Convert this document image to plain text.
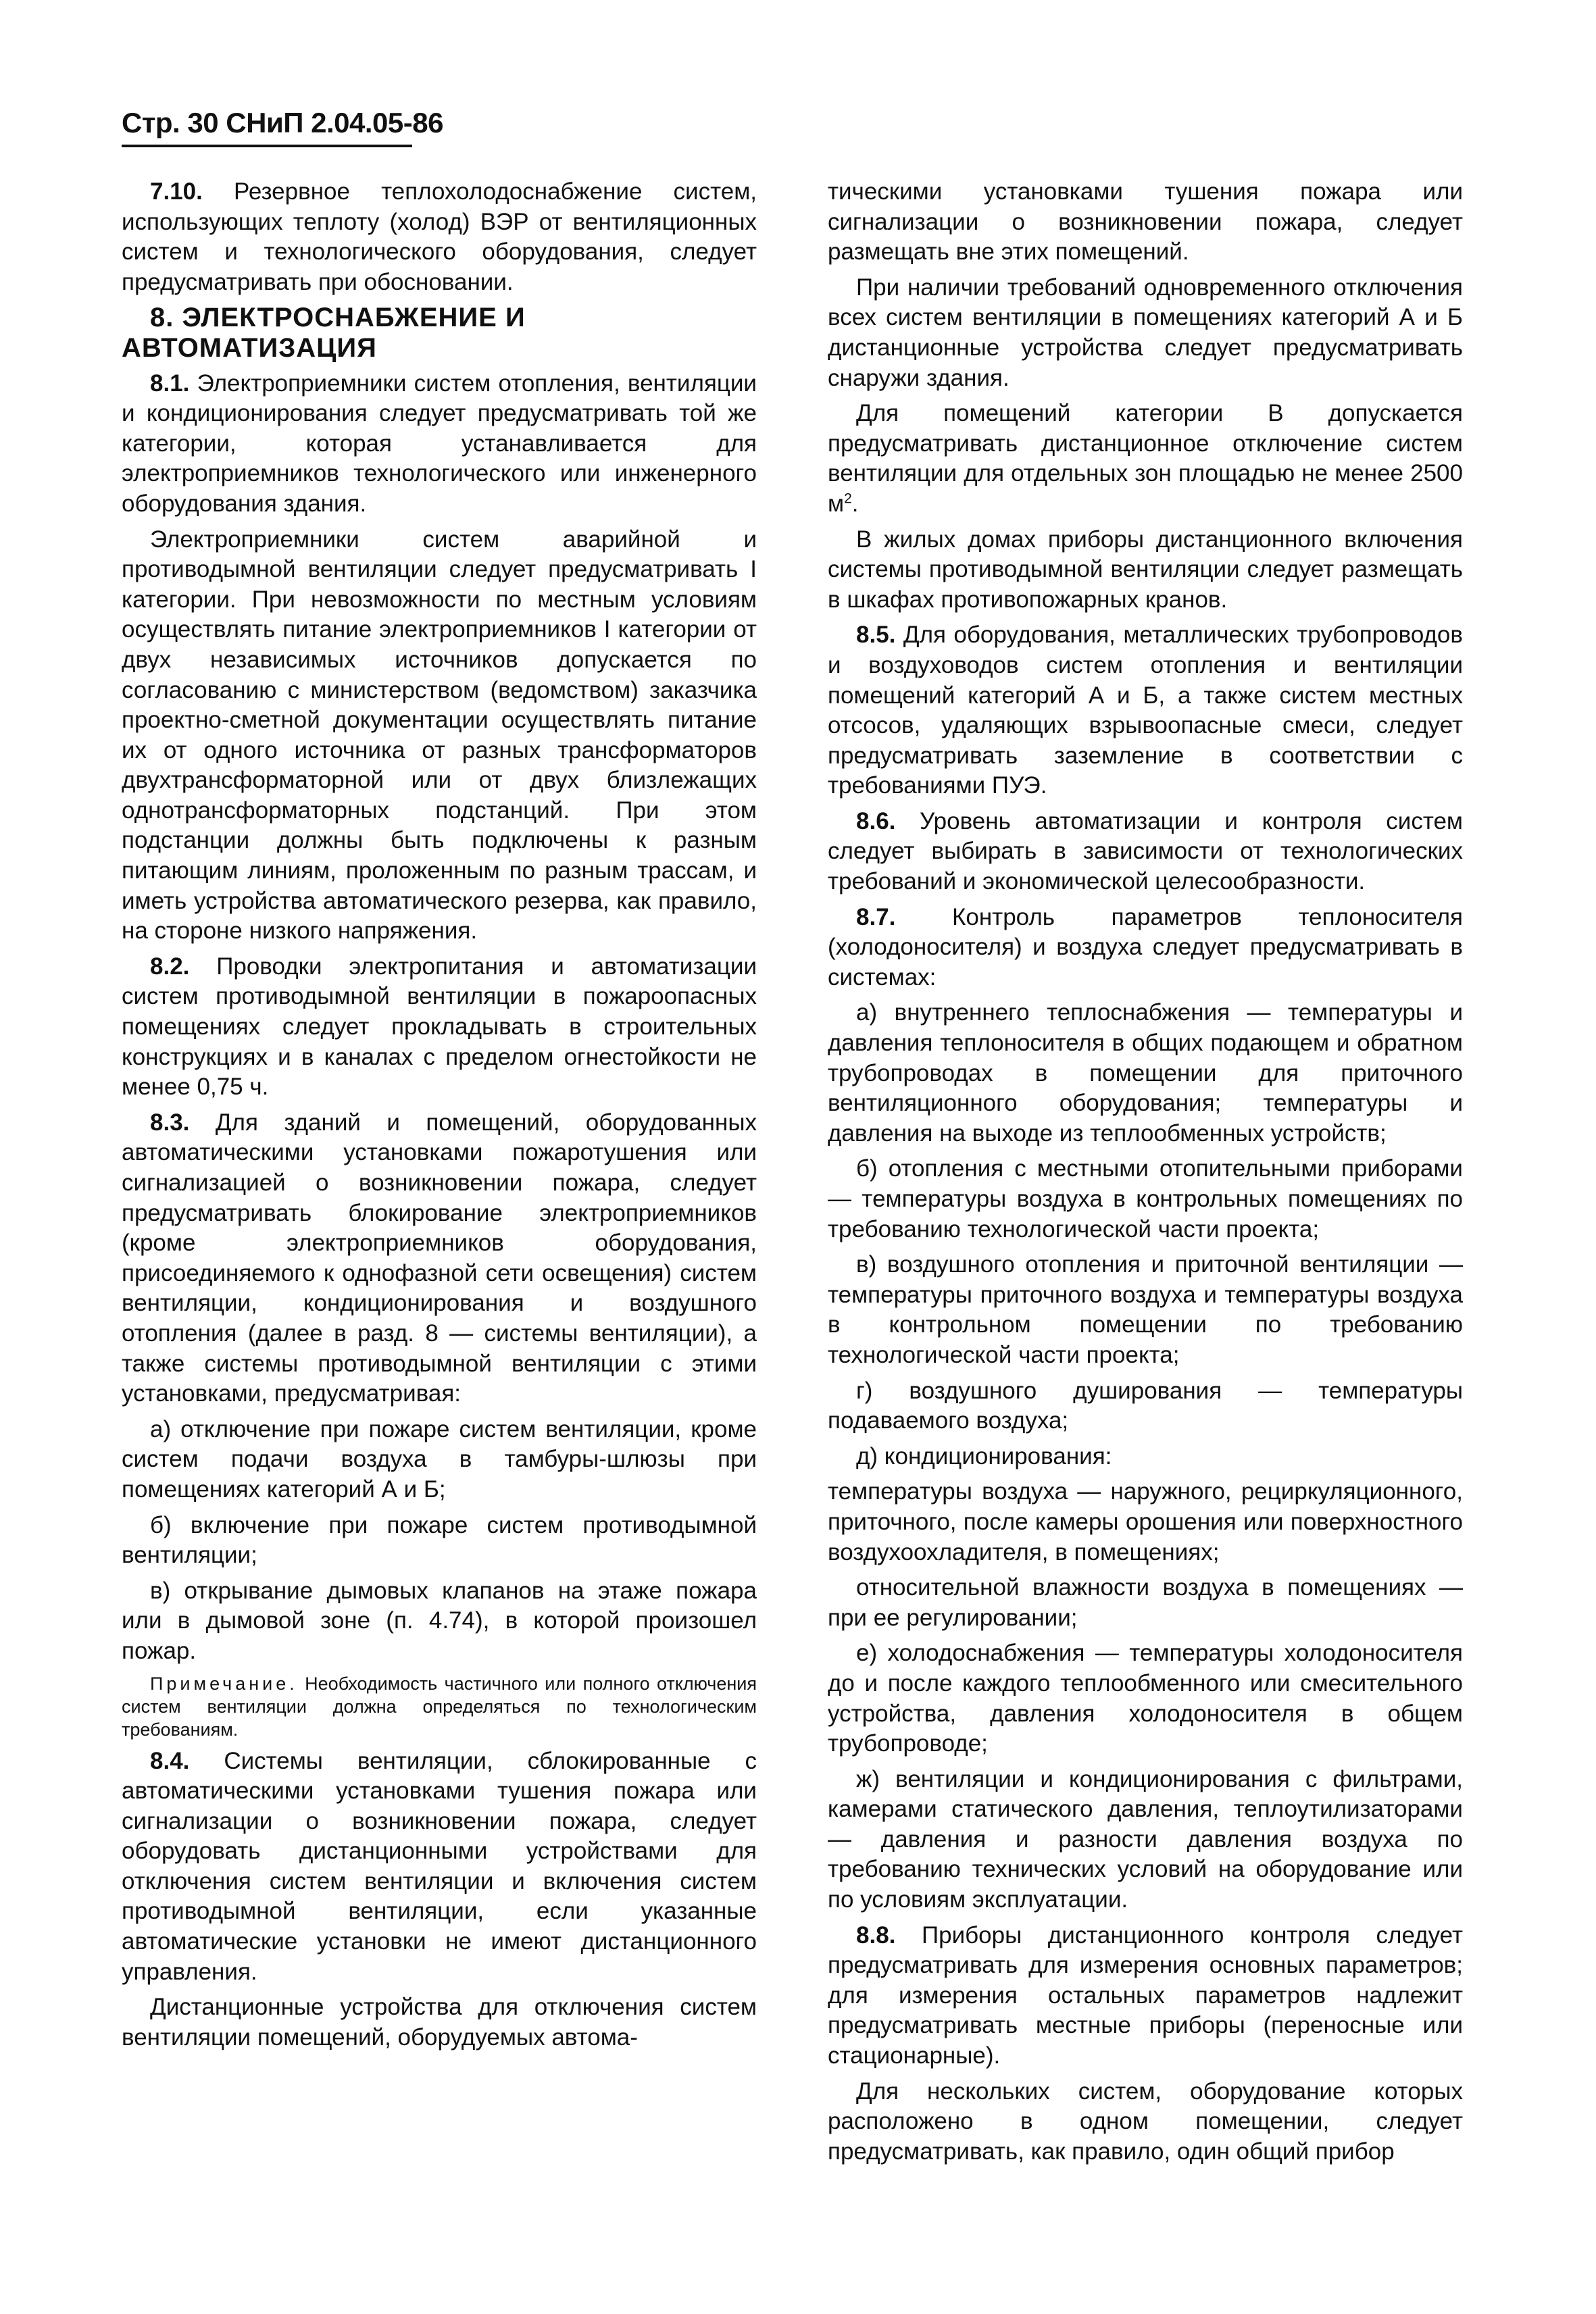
Стр. 30 СНиП 2.04.05-86

7.10. Резервное теплохолодоснабжение систем, использующих теплоту (холод) ВЭР от вентиляционных систем и технологического оборудования, следует предусматривать при обосновании.

8. ЭЛЕКТРОСНАБЖЕНИЕ И АВТОМАТИЗАЦИЯ

8.1. Электроприемники систем отопления, вентиляции и кондиционирования следует предусматривать той же категории, которая устанавливается для электроприемников технологического или инженерного оборудования здания.

Электроприемники систем аварийной и противодымной вентиляции следует предусматривать I категории. При невозможности по местным условиям осуществлять питание электроприемников I категории от двух независимых источников допускается по согласованию с министерством (ведомством) заказчика проектно-сметной документации осуществлять питание их от одного источника от разных трансформаторов двухтрансформаторной или от двух близлежащих однотрансформаторных подстанций. При этом подстанции должны быть подключены к разным питающим линиям, проложенным по разным трассам, и иметь устройства автоматического резерва, как правило, на стороне низкого напряжения.

8.2. Проводки электропитания и автоматизации систем противодымной вентиляции в пожароопасных помещениях следует прокладывать в строительных конструкциях и в каналах с пределом огнестойкости не менее 0,75 ч.

8.3. Для зданий и помещений, оборудованных автоматическими установками пожаротушения или сигнализацией о возникновении пожара, следует предусматривать блокирование электроприемников (кроме электроприемников оборудования, присоединяемого к однофазной сети освещения) систем вентиляции, кондиционирования и воздушного отопления (далее в разд. 8 — системы вентиляции), а также системы противодымной вентиляции с этими установками, предусматривая:

а) отключение при пожаре систем вентиляции, кроме систем подачи воздуха в тамбуры-шлюзы при помещениях категорий А и Б;

б) включение при пожаре систем противодымной вентиляции;

в) открывание дымовых клапанов на этаже пожара или в дымовой зоне (п. 4.74), в которой произошел пожар.

Примечание. Необходимость частичного или полного отключения систем вентиляции должна определяться по технологическим требованиям.

8.4. Системы вентиляции, сблокированные с автоматическими установками тушения пожара или сигнализации о возникновении пожара, следует оборудовать дистанционными устройствами для отключения систем вентиляции и включения систем противодымной вентиляции, если указанные автоматические установки не имеют дистанционного управления.

Дистанционные устройства для отключения систем вентиляции помещений, оборудуемых автома-

тическими установками тушения пожара или сигнализации о возникновении пожара, следует размещать вне этих помещений.

При наличии требований одновременного отключения всех систем вентиляции в помещениях категорий А и Б дистанционные устройства следует предусматривать снаружи здания.

Для помещений категории В допускается предусматривать дистанционное отключение систем вентиляции для отдельных зон площадью не менее 2500 $м^2$.

В жилых домах приборы дистанционного включения системы противодымной вентиляции следует размещать в шкафах противопожарных кранов.

8.5. Для оборудования, металлических трубопроводов и воздуховодов систем отопления и вентиляции помещений категорий А и Б, а также систем местных отсосов, удаляющих взрывоопасные смеси, следует предусматривать заземление в соответствии с требованиями ПУЭ.

8.6. Уровень автоматизации и контроля систем следует выбирать в зависимости от технологических требований и экономической целесообразности.

8.7. Контроль параметров теплоносителя (холодоносителя) и воздуха следует предусматривать в системах:

а) внутреннего теплоснабжения — температуры и давления теплоносителя в общих подающем и обратном трубопроводах в помещении для приточного вентиляционного оборудования; температуры и давления на выходе из теплообменных устройств;

б) отопления с местными отопительными приборами — температуры воздуха в контрольных помещениях по требованию технологической части проекта;

в) воздушного отопления и приточной вентиляции — температуры приточного воздуха и температуры воздуха в контрольном помещении по требованию технологической части проекта;

г) воздушного душирования — температуры подаваемого воздуха;

д) кондиционирования:

температуры воздуха — наружного, рециркуляционного, приточного, после камеры орошения или поверхностного воздухоохладителя, в помещениях;

относительной влажности воздуха в помещениях — при ее регулировании;

е) холодоснабжения — температуры холодоносителя до и после каждого теплообменного или смесительного устройства, давления холодоносителя в общем трубопроводе;

ж) вентиляции и кондиционирования с фильтрами, камерами статического давления, теплоутилизаторами — давления и разности давления воздуха по требованию технических условий на оборудование или по условиям эксплуатации.

8.8. Приборы дистанционного контроля следует предусматривать для измерения основных параметров; для измерения остальных параметров надлежит предусматривать местные приборы (переносные или стационарные).

Для нескольких систем, оборудование которых расположено в одном помещении, следует предусматривать, как правило, один общий прибор
